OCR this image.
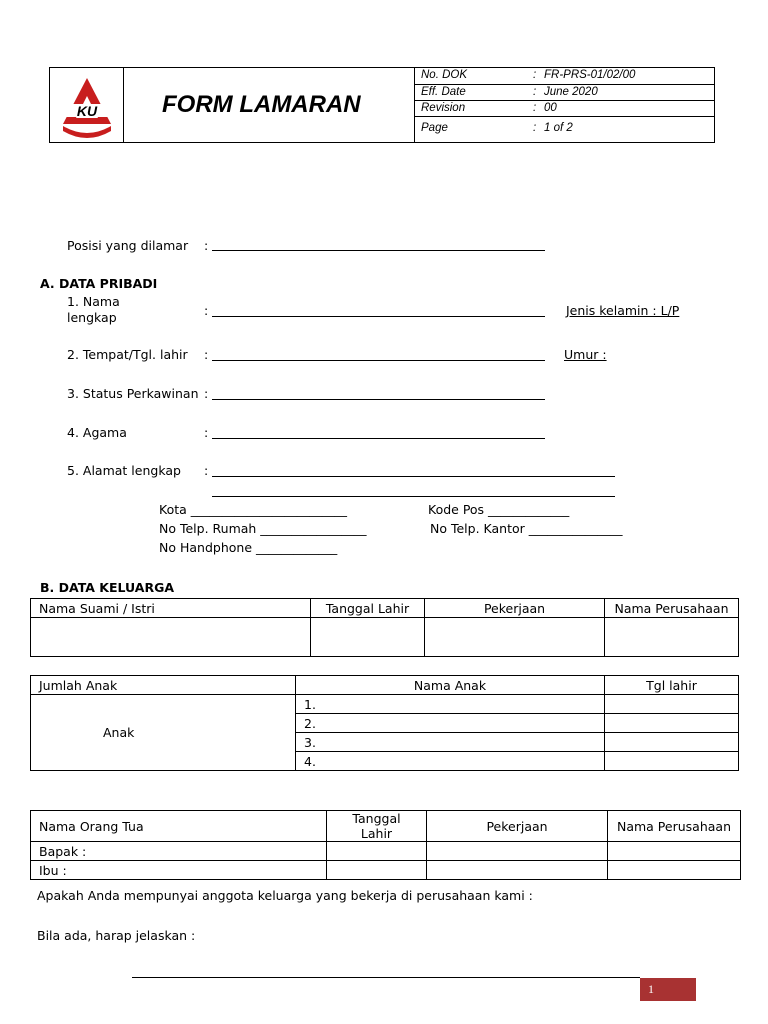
KU	FORM LAMARAN
No. DOK	: FR-PRS-01/02/00
Eff. Date	: June 2020
Revision	: 00
Page	: 1 of 2
Posisi yang dilamar :
A. DATA PRIBADI
1. Nama
lengkap	:	Jenis kelamin : L/P
2. Tempat/Tgl. lahir :	Umur :
3. Status Perkawinan :
4. Agama	:
5. Alamat lengkap :
Kota _________________________	Kode Pos _____________
No Telp. Rumah _________________	No Telp. Kantor _______________
No Handphone _____________
B. DATA KELUARGA
Nama Suami / Istri	Tanggal Lahir	Pekerjaan	Nama Perusahaan

Jumlah Anak	Nama Anak	Tgl lahir
Anak	1.	
	2.	
	3.	
	4.	
Nama Orang Tua	Tanggal Lahir	Pekerjaan	Nama Perusahaan
Bapak :			
Ibu :			
Apakah Anda mempunyai anggota keluarga yang bekerja di perusahaan kami :
Bila ada, harap jelaskan :
1
